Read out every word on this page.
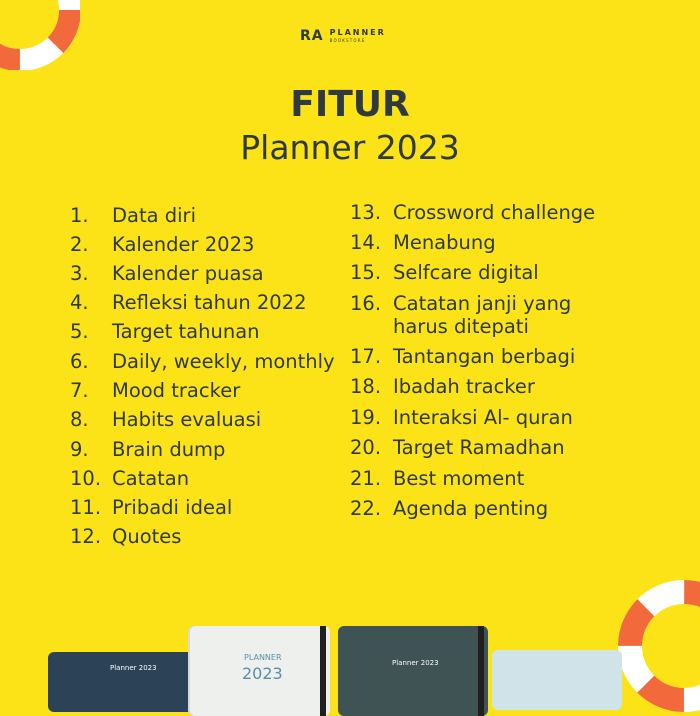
RA PLANNER
BOOKSTORE
FITUR
Planner 2023
1. Data diri
2. Kalender 2023
3. Kalender puasa
4. Refleksi tahun 2022
5. Target tahunan
6. Daily, weekly, monthly
7. Mood tracker
8. Habits evaluasi
9. Brain dump
10. Catatan
11. Pribadi ideal
12. Quotes
13. Crossword challenge
14. Menabung
15. Selfcare digital
16. Catatan janji yang
harus ditepati
17. Tantangan berbagi
18. Ibadah tracker
19. Interaksi Al- quran
20. Target Ramadhan
21. Best moment
22. Agenda penting
Planner 2023
PLANNER
2023
Planner 2023
